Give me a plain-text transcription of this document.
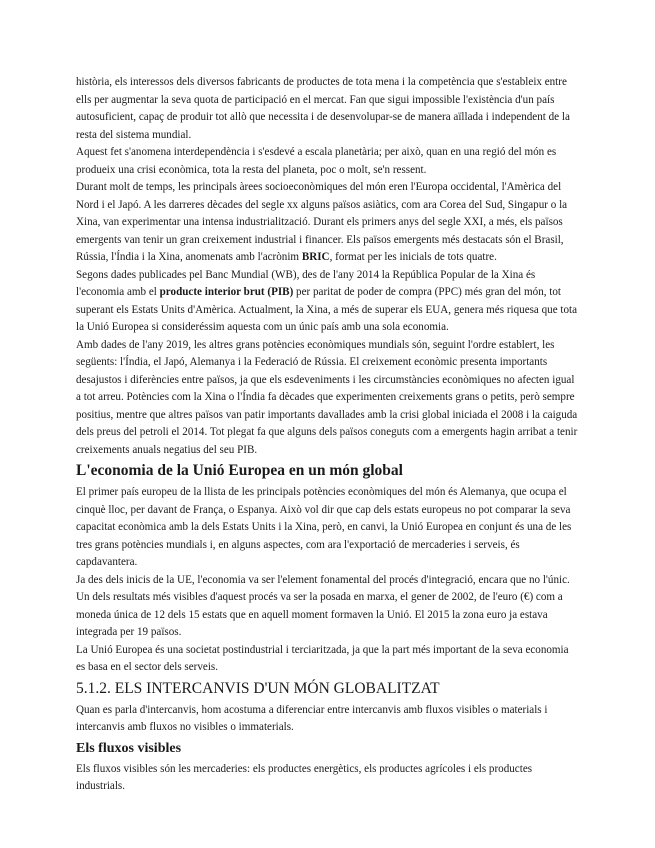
història, els interessos dels diversos fabricants de productes de tota mena i la competència que s'estableix entre ells per augmentar la seva quota de participació en el mercat. Fan que sigui impossible l'existència d'un país autosuficient, capaç de produir tot allò que necessita i de desenvolupar-se de manera aïllada i independent de la resta del sistema mundial.

Aquest fet s'anomena interdependència i s'esdevé a escala planetària; per això, quan en una regió del món es produeix una crisi econòmica, tota la resta del planeta, poc o molt, se'n ressent.

Durant molt de temps, les principals àrees socioeconòmiques del món eren l'Europa occidental, l'Amèrica del Nord i el Japó. A les darreres dècades del segle xx alguns països asiàtics, com ara Corea del Sud, Singapur o la Xina, van experimentar una intensa industrialització. Durant els primers anys del segle XXI, a més, els països emergents van tenir un gran creixement industrial i financer. Els països emergents més destacats són el Brasil, Rússia, l'Índia i la Xina, anomenats amb l'acrònim BRIC, format per les inicials de tots quatre.

Segons dades publicades pel Banc Mundial (WB), des de l'any 2014 la República Popular de la Xina és l'economia amb el producte interior brut (PIB) per paritat de poder de compra (PPC) més gran del món, tot superant els Estats Units d'Amèrica. Actualment, la Xina, a més de superar els EUA, genera més riquesa que tota la Unió Europea si consideréssim aquesta com un únic país amb una sola economia.

Amb dades de l'any 2019, les altres grans potències econòmiques mundials són, seguint l'ordre establert, les següents: l'Índia, el Japó, Alemanya i la Federació de Rússia. El creixement econòmic presenta importants desajustos i diferències entre països, ja que els esdeveniments i les circumstàncies econòmiques no afecten igual a tot arreu. Potències com la Xina o l'Índia fa dècades que experimenten creixements grans o petits, però sempre positius, mentre que altres països van patir importants davallades amb la crisi global iniciada el 2008 i la caiguda dels preus del petroli el 2014. Tot plegat fa que alguns dels països coneguts com a emergents hagin arribat a tenir creixements anuals negatius del seu PIB.

L'economia de la Unió Europea en un món global

El primer país europeu de la llista de les principals potències econòmiques del món és Alemanya, que ocupa el cinquè lloc, per davant de França, o Espanya. Això vol dir que cap dels estats europeus no pot comparar la seva capacitat econòmica amb la dels Estats Units i la Xina, però, en canvi, la Unió Europea en conjunt és una de les tres grans potències mundials i, en alguns aspectes, com ara l'exportació de mercaderies i serveis, és capdavantera.

Ja des dels inicis de la UE, l'economia va ser l'element fonamental del procés d'integració, encara que no l'únic. Un dels resultats més visibles d'aquest procés va ser la posada en marxa, el gener de 2002, de l'euro (€) com a moneda única de 12 dels 15 estats que en aquell moment formaven la Unió. El 2015 la zona euro ja estava integrada per 19 països.

La Unió Europea és una societat postindustrial i terciaritzada, ja que la part més important de la seva economia es basa en el sector dels serveis.

5.1.2. ELS INTERCANVIS D'UN MÓN GLOBALITZAT

Quan es parla d'intercanvis, hom acostuma a diferenciar entre intercanvis amb fluxos visibles o materials i intercanvis amb fluxos no visibles o immaterials.

Els fluxos visibles

Els fluxos visibles són les mercaderies: els productes energètics, els productes agrícoles i els productes industrials.
